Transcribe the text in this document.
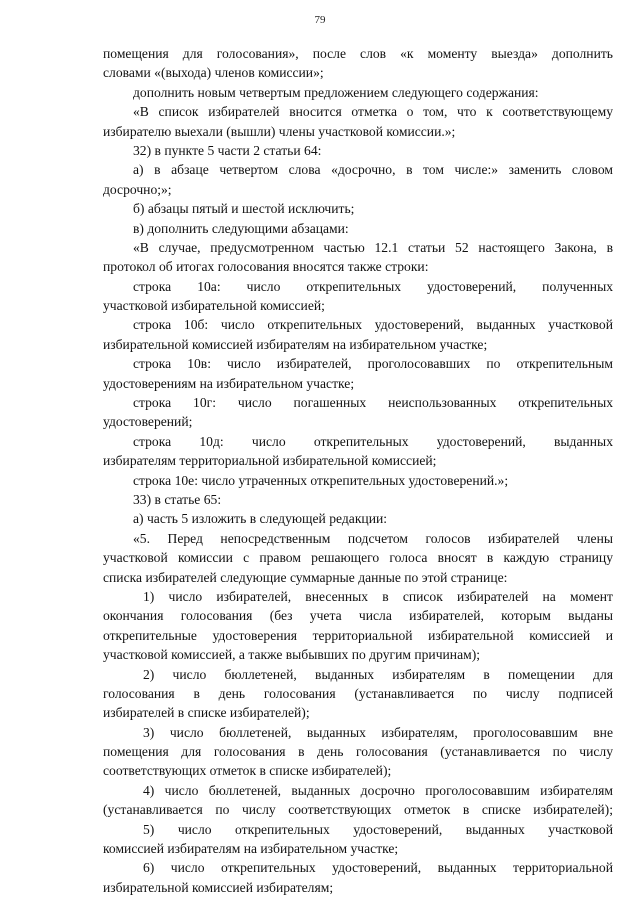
79
помещения для голосования», после слов «к моменту выезда» дополнить
словами «(выхода) членов комиссии»;
дополнить новым четвертым предложением следующего содержания:
«В список избирателей вносится отметка о том, что к соответствующему
избирателю выехали (вышли) члены участковой комиссии.»;
32) в пункте 5 части 2 статьи 64:
а) в абзаце четвертом слова «досрочно, в том числе:» заменить словом
досрочно;»;
б) абзацы пятый и шестой исключить;
в) дополнить следующими абзацами:
«В случае, предусмотренном частью 12.1 статьи 52 настоящего Закона, в
протокол об итогах голосования вносятся также строки:
строка 10а: число открепительных удостоверений, полученных
участковой избирательной комиссией;
строка 10б: число открепительных удостоверений, выданных участковой
избирательной комиссией избирателям на избирательном участке;
строка 10в: число избирателей, проголосовавших по открепительным
удостоверениям на избирательном участке;
строка 10г: число погашенных неиспользованных открепительных
удостоверений;
строка 10д: число открепительных удостоверений, выданных
избирателям территориальной избирательной комиссией;
строка 10е: число утраченных открепительных удостоверений.»;
33) в статье 65:
а) часть 5 изложить в следующей редакции:
«5. Перед непосредственным подсчетом голосов избирателей члены
участковой комиссии с правом решающего голоса вносят в каждую страницу
списка избирателей следующие суммарные данные по этой странице:
1) число избирателей, внесенных в список избирателей на момент
окончания голосования (без учета числа избирателей, которым выданы
открепительные удостоверения территориальной избирательной комиссией и
участковой комиссией, а также выбывших по другим причинам);
2) число бюллетеней, выданных избирателям в помещении для
голосования в день голосования (устанавливается по числу подписей
избирателей в списке избирателей);
3) число бюллетеней, выданных избирателям, проголосовавшим вне
помещения для голосования в день голосования (устанавливается по числу
соответствующих отметок в списке избирателей);
4) число бюллетеней, выданных досрочно проголосовавшим избирателям
(устанавливается по числу соответствующих отметок в списке избирателей);
5) число открепительных удостоверений, выданных участковой
комиссией избирателям на избирательном участке;
6) число открепительных удостоверений, выданных территориальной
избирательной комиссией избирателям;
